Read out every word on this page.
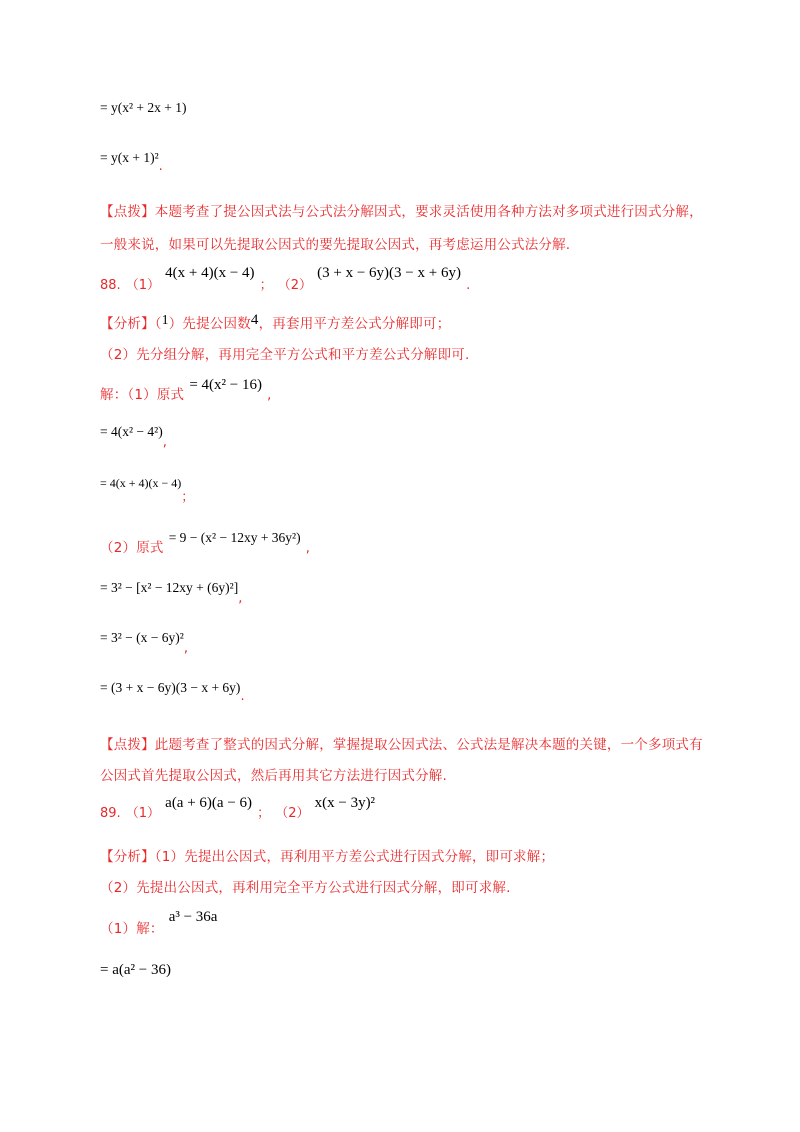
= y(x² + 2x + 1)
= y(x + 1)².
【点拨】本题考查了提公因式法与公式法分解因式，要求灵活使用各种方法对多项式进行因式分解，
一般来说，如果可以先提取公因式的要先提取公因式，再考虑运用公式法分解.
$_{88.}$ $_{(1)}$ 4(x + 4)(x − 4) $_;$ $_{(2)}$ (3 + x − 6y)(3 − x + 6y) $_.$
【分析】（1）先提公因数4，再套用平方差公式分解即可；
（2）先分组分解，再用完全平方公式和平方差公式分解即可.
$_{解:(1)原式}$ = 4(x² − 16) $_,$
= 4(x² − 4²),
= 4(x + 4)(x − 4)；
$_{(2)原式}$ = 9 − (x² − 12xy + 36y²) $_,$
= 3² − [x² − 12xy + (6y)²],
= 3² − (x − 6y)²,
= (3 + x − 6y)(3 − x + 6y).
【点拨】此题考查了整式的因式分解，掌握提取公因式法、公式法是解决本题的关键，一个多项式有
公因式首先提取公因式，然后再用其它方法进行因式分解.
$_{89.}$ $_{(1)}$ a(a + 6)(a − 6) $_;$ $_{(2)}$ x(x − 3y)²
【分析】（1）先提出公因式，再利用平方差公式进行因式分解，即可求解；
（2）先提出公因式，再利用完全平方公式进行因式分解，即可求解.
$_{(1)解:}$ a³ − 36a
= a(a² − 36)
